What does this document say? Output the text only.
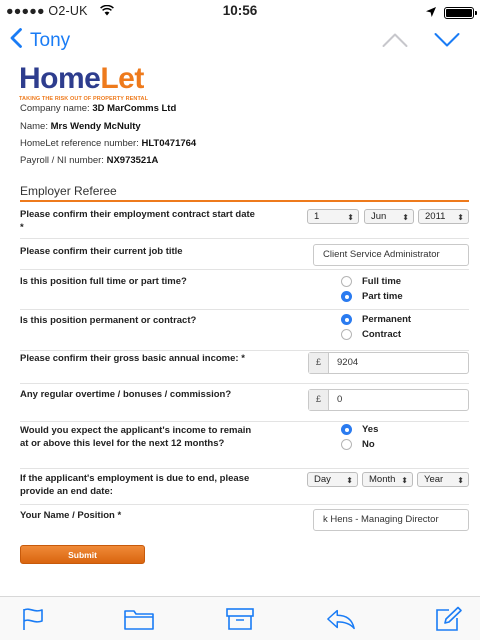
●●●●● O2-UK	10:56
Tony
HomeLet
TAKING THE RISK OUT OF PROPERTY RENTAL
Company name: 3D MarComms Ltd
Name: Mrs Wendy McNulty
HomeLet reference number: HLT0471764
Payroll / NI number: NX973521A
Employer Referee
Please confirm their employment contract start date *
1	⬍	Jun ⬍	2011 ⬍
Please confirm their current job title	Client Service Administrator
Is this position full time or part time?	Full time
Part time
Is this position permanent or contract?	Permanent
Contract
Please confirm their gross basic annual income: *	£	9204
Any regular overtime / bonuses / commission?	£	0
Would you expect the applicant's income to remain at or above this level for the next 12 months?
Yes
No
If the applicant's employment is due to end, please provide an end date:
Day ⬍	Month ⬍	Year ⬍
Your Name / Position *	k Hens - Managing Director
Submit
